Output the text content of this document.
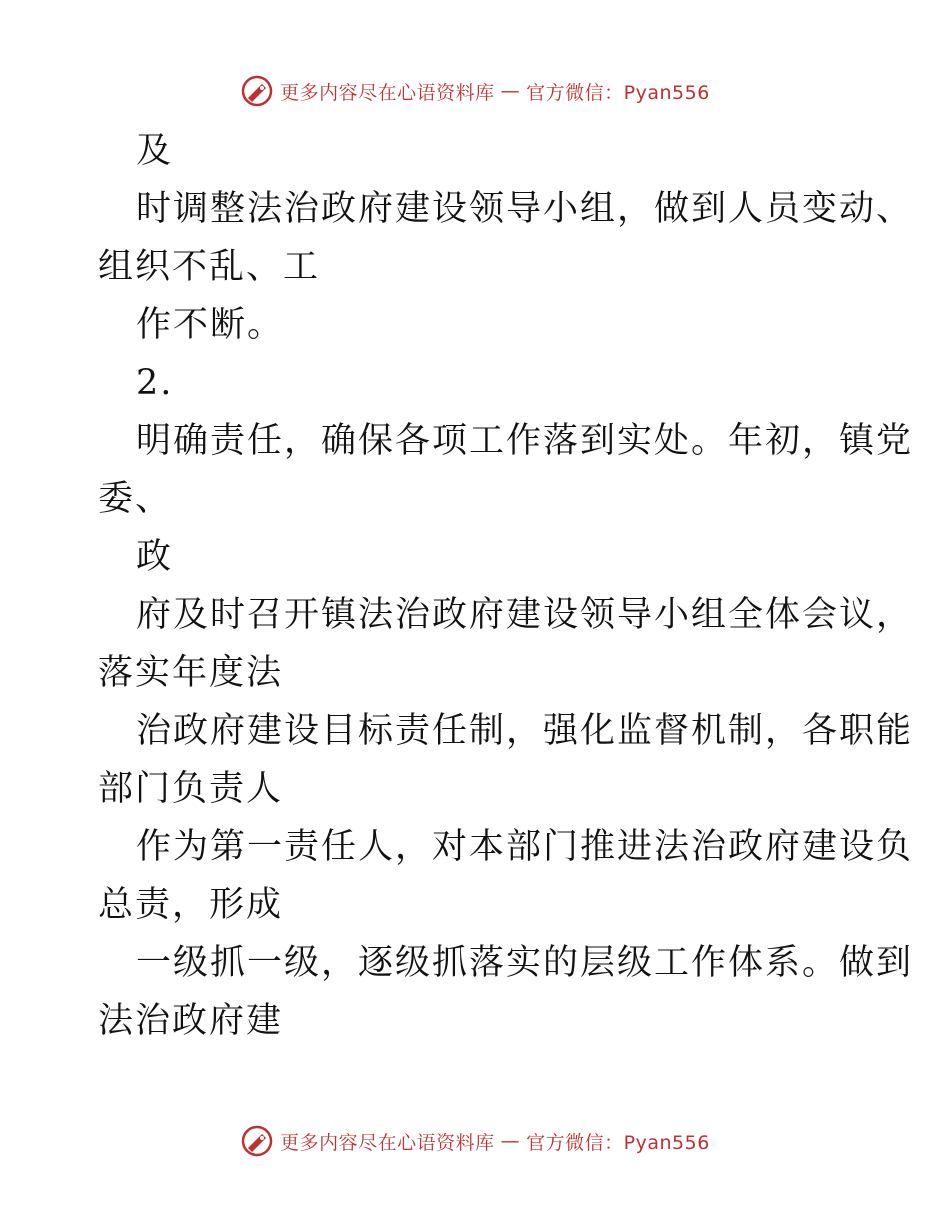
更多内容尽在心语资料库 — 官方微信：Pyan556
及
时调整法治政府建设领导小组，做到人员变动、
组织不乱、工
作不断。
2.
明确责任，确保各项工作落到实处。年初，镇党
委、
政
府及时召开镇法治政府建设领导小组全体会议，
落实年度法
治政府建设目标责任制，强化监督机制，各职能
部门负责人
作为第一责任人，对本部门推进法治政府建设负
总责，形成
一级抓一级，逐级抓落实的层级工作体系。做到
法治政府建
更多内容尽在心语资料库 — 官方微信：Pyan556
